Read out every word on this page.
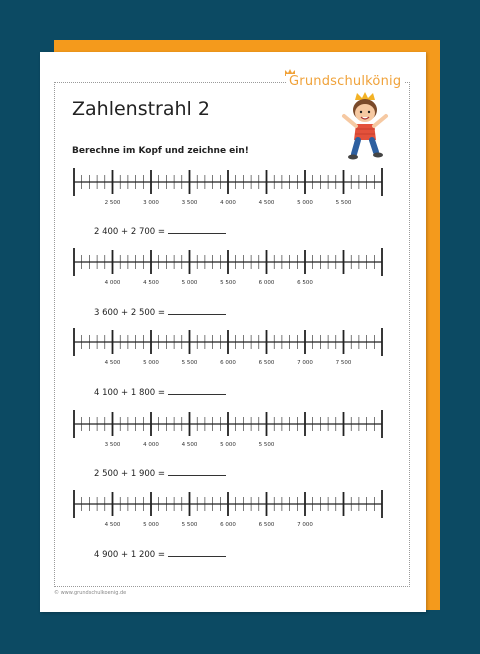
Grundschulkönig
Zahlenstrahl 2
Berechne im Kopf und zeichne ein!
2 500	3 000	3 500	4 000	4 500	5 000	5 500
2 400 + 2 700 =
4 000	4 500	5 000	5 500	6 000	6 500
3 600 + 2 500 =
4 500	5 000	5 500	6 000	6 500	7 000	7 500
4 100 + 1 800 =
3 500	4 000	4 500	5 000	5 500
2 500 + 1 900 =
4 500	5 000	5 500	6 000	6 500	7 000
4 900 + 1 200 =
© www.grundschulkoenig.de
